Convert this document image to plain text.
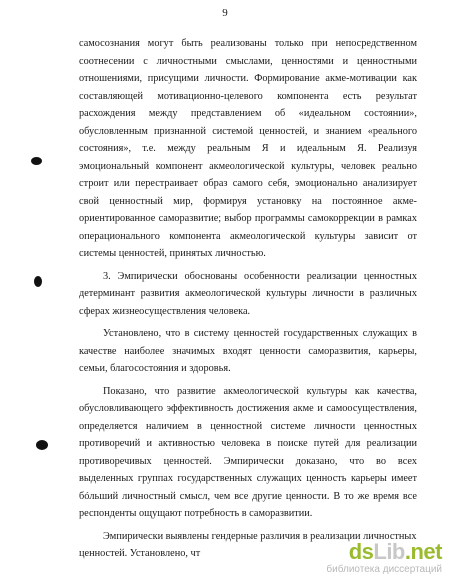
9

самосознания могут быть реализованы только при непосредственном соотнесении с личностными смыслами, ценностями и ценностными отношениями, присущими личности. Формирование акме-мотивации как составляющей мотивационно-целевого компонента есть результат расхождения между представлением об «идеальном состоянии», обусловленным признанной системой ценностей, и знанием «реального состояния», т.е. между реальным Я и идеальным Я. Реализуя эмоциональный компонент акмеологической культуры, человек реально строит или перестраивает образ самого себя, эмоционально анализирует свой ценностный мир, формируя установку на постоянное акме-ориентированное саморазвитие; выбор программы самокоррекции в рамках операционального компонента акмеологической культуры зависит от системы ценностей, принятых личностью.

3. Эмпирически обоснованы особенности реализации ценностных детерминант развития акмеологической культуры личности в различных сферах жизнеосуществления человека.

Установлено, что в систему ценностей государственных служащих в качестве наиболее значимых входят ценности саморазвития, карьеры, семьи, благосостояния и здоровья.

Показано, что развитие акмеологической культуры как качества, обусловливающего эффективность достижения акме и самоосуществления, определяется наличием в ценностной системе личности ценностных противоречий и активностью человека в поиске путей для реализации противоречивых ценностей. Эмпирически доказано, что во всех выделенных группах государственных служащих ценность карьеры имеет бóльший личностный смысл, чем все другие ценности. В то же время все респонденты ощущают потребность в саморазвитии.

Эмпирически выявлены гендерные различия в реализации личностных ценностей. Установлено, чт	dsLib.net
библиотека диссертаций
